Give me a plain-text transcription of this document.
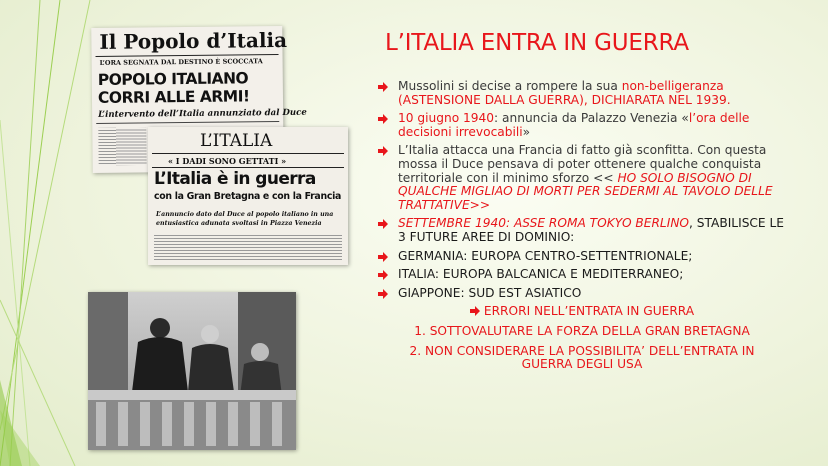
Il Popolo d’Italia
L’ORA SEGNATA DAL DESTINO È SCOCCATA
POPOLO ITALIANO
CORRI ALLE ARMI!
L’intervento dell’Italia annunziato dal Duce
L’ITALIA
« I DADI SONO GETTATI »
L’Italia è in guerra
con la Gran Bretagna e con la Francia
L’annuncio dato dal Duce al popolo italiano in una
entusiastica adunata svoltasi in Piazza Venezia
L’ITALIA ENTRA IN GUERRA
Mussolini si decise a rompere la sua non-belligeranza (ASTENSIONE DALLA GUERRA), DICHIARATA NEL 1939.
10 giugno 1940: annuncia da Palazzo Venezia «l’ora delle decisioni irrevocabili»
L’Italia attacca una Francia di fatto già sconfitta. Con questa mossa il Duce pensava di poter ottenere qualche conquista territoriale con il minimo sforzo << HO SOLO BISOGNO DI QUALCHE MIGLIAO DI MORTI PER SEDERMI AL TAVOLO DELLE TRATTATIVE>>
SETTEMBRE 1940: ASSE ROMA TOKYO BERLINO, STABILISCE LE 3 FUTURE AREE DI DOMINIO:
GERMANIA: EUROPA CENTRO-SETTENTRIONALE;
ITALIA: EUROPA BALCANICA E MEDITERRANEO;
GIAPPONE: SUD EST ASIATICO
ERRORI NELL’ENTRATA IN GUERRA
1. SOTTOVALUTARE LA FORZA DELLA GRAN BRETAGNA
2. NON CONSIDERARE LA POSSIBILITA’ DELL’ENTRATA IN GUERRA DEGLI USA
